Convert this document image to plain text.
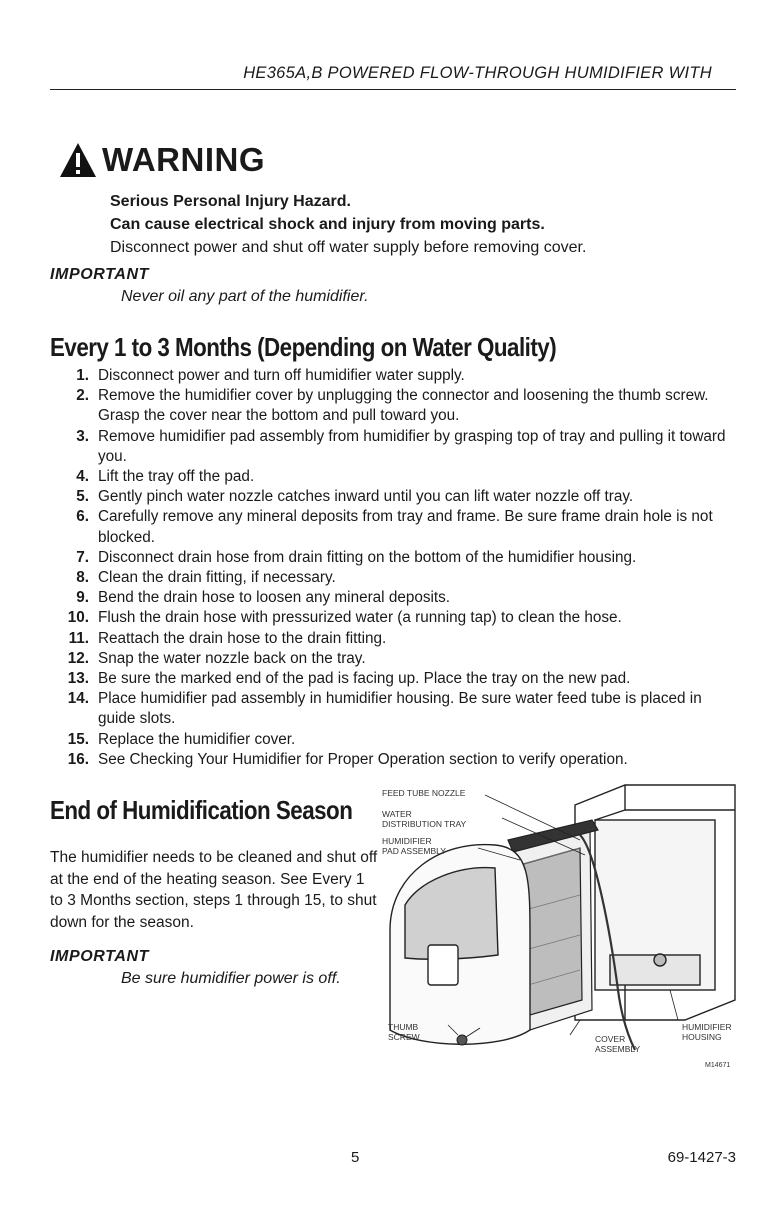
HE365A,B POWERED FLOW-THROUGH HUMIDIFIER WITH
WARNING
Serious Personal Injury Hazard.
Can cause electrical shock and injury from moving parts.
Disconnect power and shut off water supply before removing cover.
IMPORTANT
Never oil any part of the humidifier.
Every 1 to 3 Months (Depending on Water Quality)
1. Disconnect power and turn off humidifier water supply.
2. Remove the humidifier cover by unplugging the connector and loosening the thumb screw. Grasp the cover near the bottom and pull toward you.
3. Remove humidifier pad assembly from humidifier by grasping top of tray and pulling it toward you.
4. Lift the tray off the pad.
5. Gently pinch water nozzle catches inward until you can lift water nozzle off tray.
6. Carefully remove any mineral deposits from tray and frame. Be sure frame drain hole is not blocked.
7. Disconnect drain hose from drain fitting on the bottom of the humidifier housing.
8. Clean the drain fitting, if necessary.
9. Bend the drain hose to loosen any mineral deposits.
10. Flush the drain hose with pressurized water (a running tap) to clean the hose.
11. Reattach the drain hose to the drain fitting.
12. Snap the water nozzle back on the tray.
13. Be sure the marked end of the pad is facing up. Place the tray on the new pad.
14. Place humidifier pad assembly in humidifier housing. Be sure water feed tube is placed in guide slots.
15. Replace the humidifier cover.
16. See Checking Your Humidifier for Proper Operation section to verify operation.
End of Humidification Season
The humidifier needs to be cleaned and shut off at the end of the heating season. See Every 1 to 3 Months section, steps 1 through 15, to shut down for the season.
IMPORTANT
Be sure humidifier power is off.
FEED TUBE NOZZLE
WATER
DISTRIBUTION TRAY
HUMIDIFIER
PAD ASSEMBLY
HUMIDIFIER
HOUSING
THUMB
SCREW	COVER
ASSEMBLY
M14671
5	69-1427-3
